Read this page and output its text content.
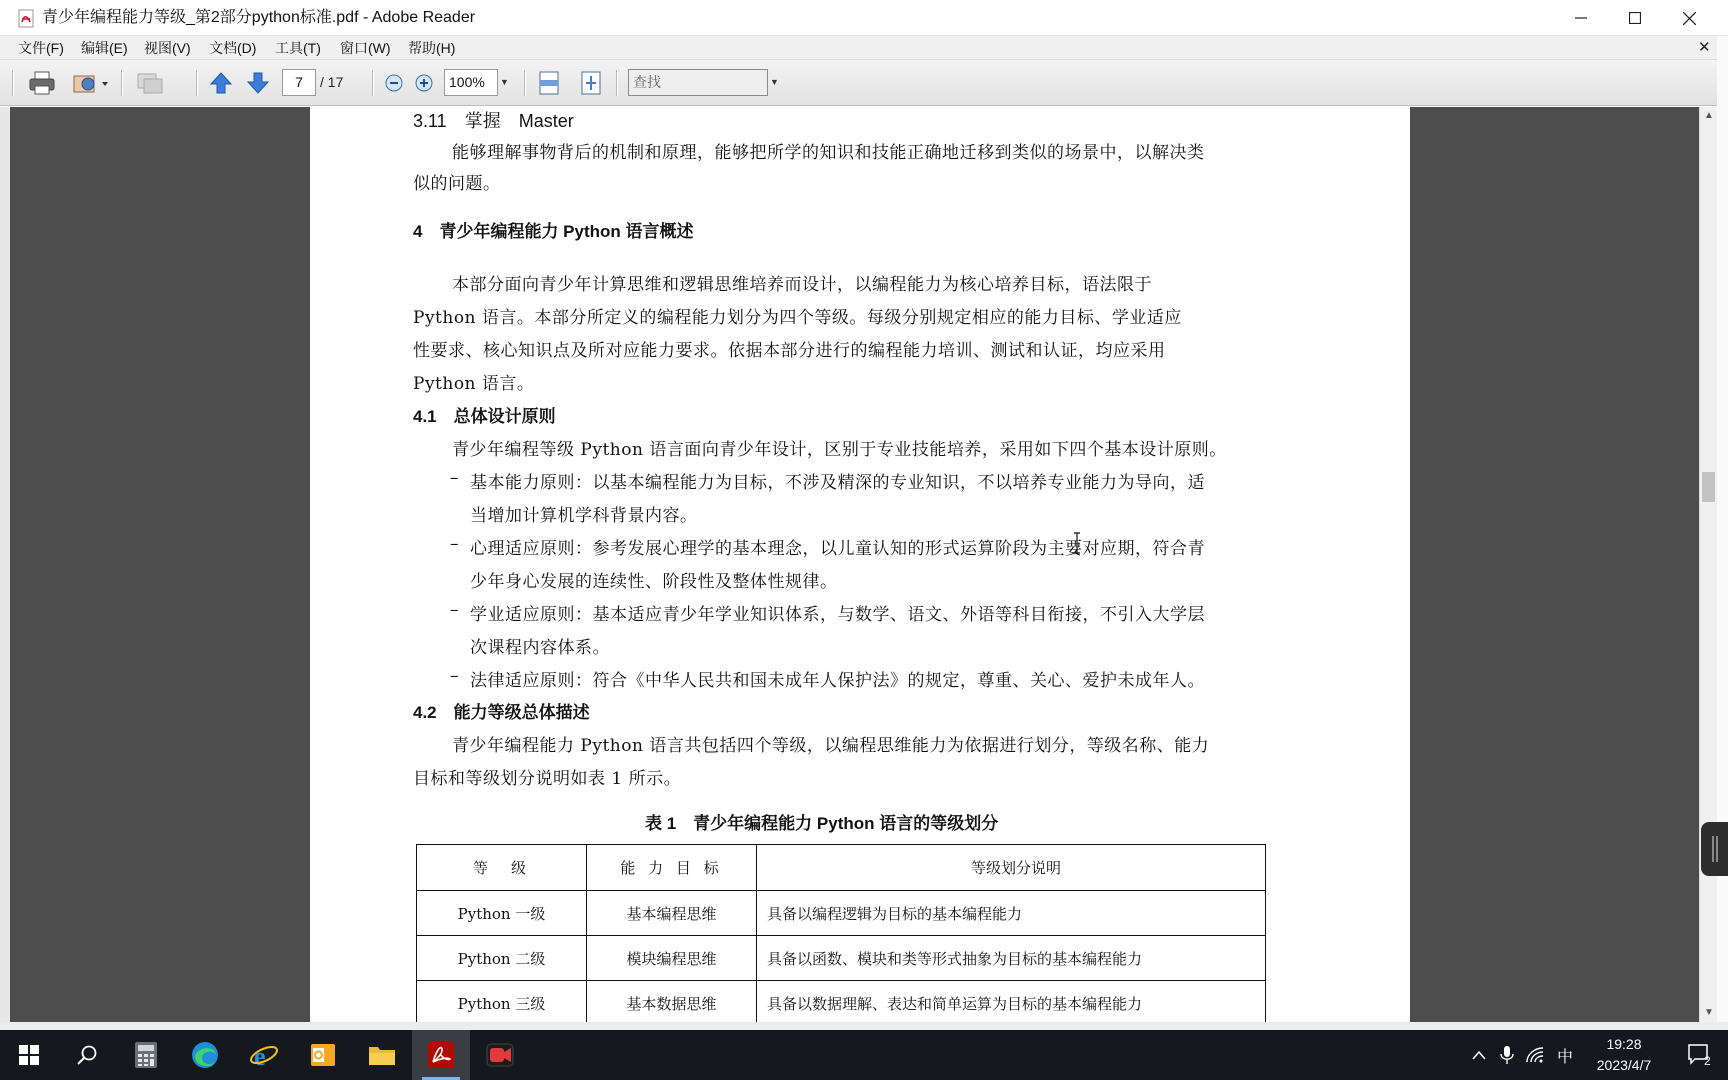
青少年编程能力等级_第2部分python标准.pdf - Adobe Reader
文件(F) 编辑(E) 视图(V) 文档(D) 工具(T) 窗口(W) 帮助(H)	✕
7	/ 17	100%	▼	查找	▼
3.11　掌握　Master
能够理解事物背后的机制和原理，能够把所学的知识和技能正确地迁移到类似的场景中，以解决类
似的问题。
4　青少年编程能力 Python 语言概述
本部分面向青少年计算思维和逻辑思维培养而设计，以编程能力为核心培养目标，语法限于
Python 语言。本部分所定义的编程能力划分为四个等级。每级分别规定相应的能力目标、学业适应
性要求、核心知识点及所对应能力要求。依据本部分进行的编程能力培训、测试和认证，均应采用
Python 语言。
4.1　总体设计原则
青少年编程等级 Python 语言面向青少年设计，区别于专业技能培养，采用如下四个基本设计原则。
– 基本能力原则：以基本编程能力为目标，不涉及精深的专业知识，不以培养专业能力为导向，适
当增加计算机学科背景内容。
– 心理适应原则：参考发展心理学的基本理念，以儿童认知的形式运算阶段为主要对应期，符合青
少年身心发展的连续性、阶段性及整体性规律。
– 学业适应原则：基本适应青少年学业知识体系，与数学、语文、外语等科目衔接，不引入大学层
次课程内容体系。
– 法律适应原则：符合《中华人民共和国未成年人保护法》的规定，尊重、关心、爱护未成年人。
4.2　能力等级总体描述
青少年编程能力 Python 语言共包括四个等级，以编程思维能力为依据进行划分，等级名称、能力
目标和等级划分说明如表 1 所示。
表 1　青少年编程能力 Python 语言的等级划分
等　级	能 力 目 标	等级划分说明
Python 一级	基本编程思维	具备以编程逻辑为目标的基本编程能力
Python 二级	模块编程思维	具备以函数、模块和类等形式抽象为目标的基本编程能力
Python 三级	基本数据思维	具备以数据理解、表达和简单运算为目标的基本编程能力
▲
▼
e	中
19:28
2023/4/7	2
